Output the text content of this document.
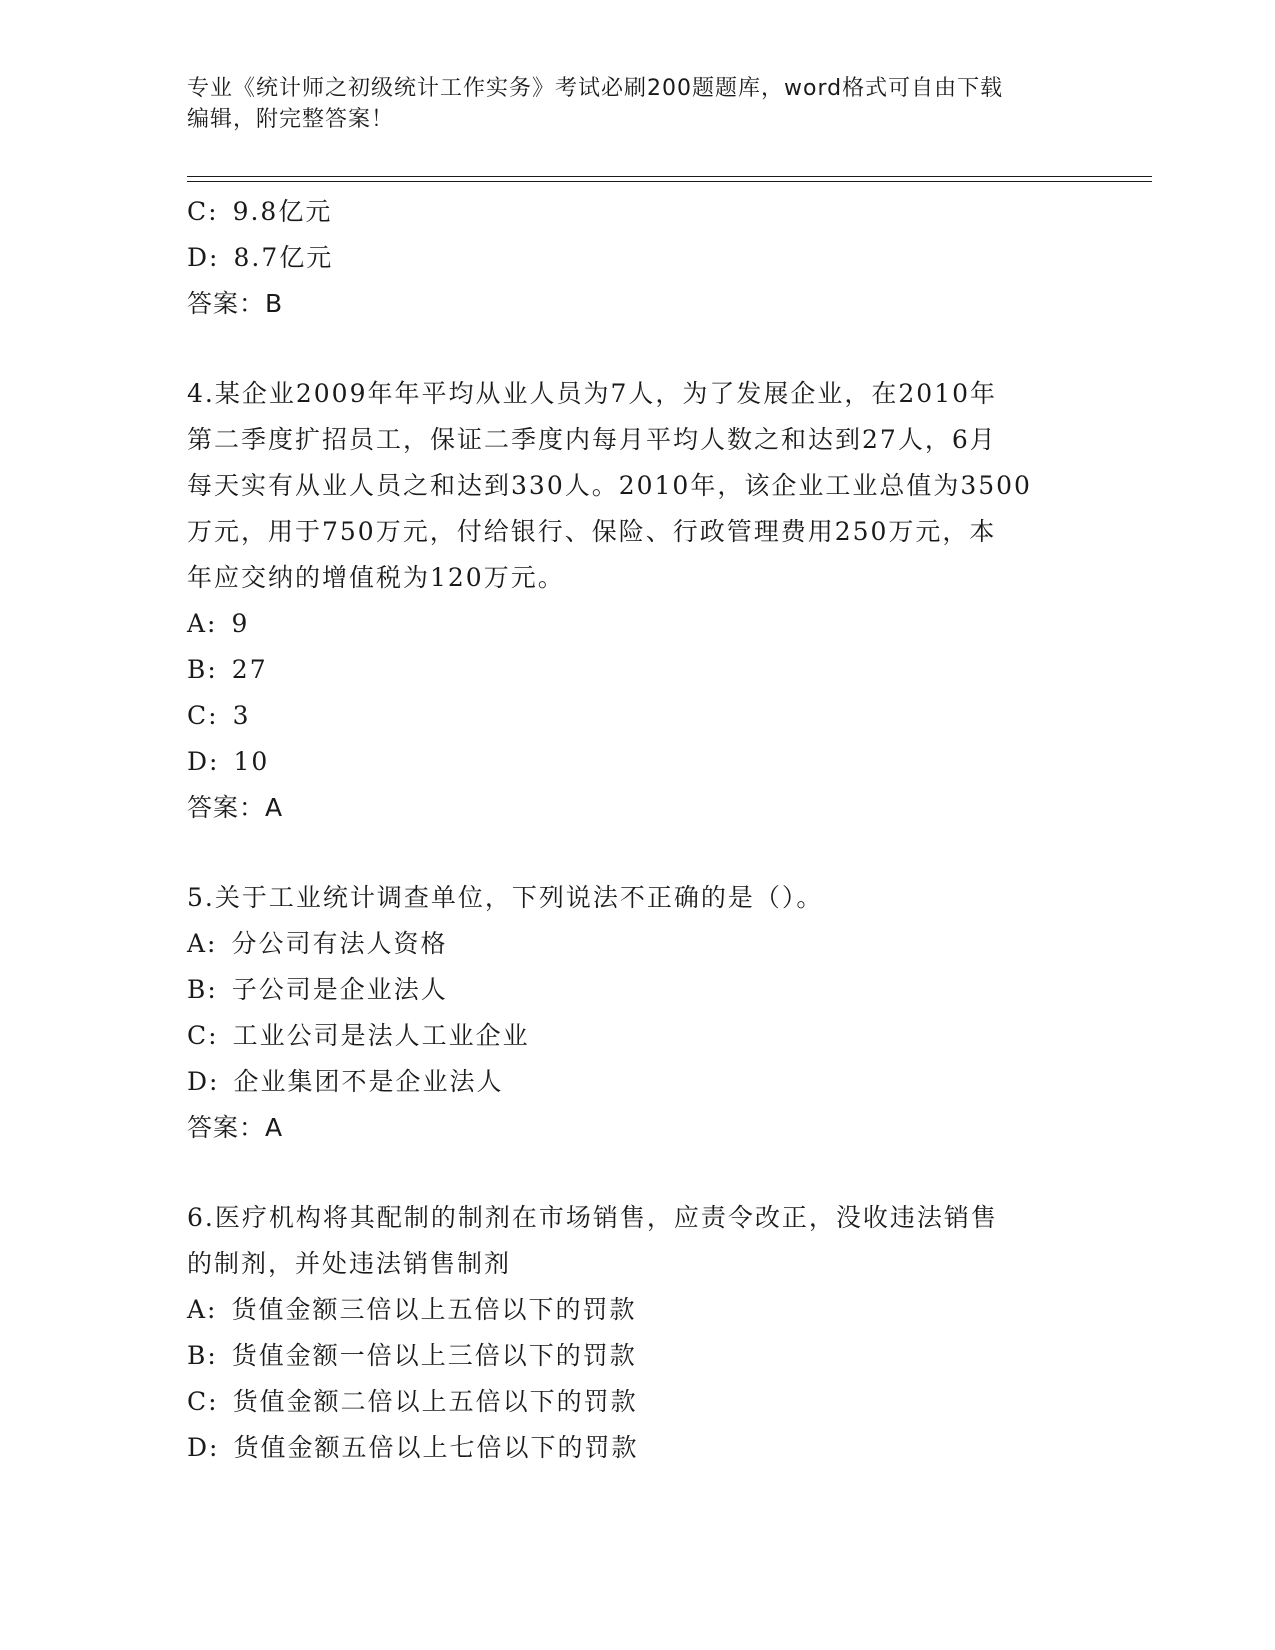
专业《统计师之初级统计工作实务》考试必刷200题题库，word格式可自由下载
编辑，附完整答案！
C: 9.8亿元
D: 8.7亿元
答案：B
4.某企业2009年年平均从业人员为7人，为了发展企业，在2010年
第二季度扩招员工，保证二季度内每月平均人数之和达到27人，6月
每天实有从业人员之和达到330人。2010年，该企业工业总值为3500
万元，用于750万元，付给银行、保险、行政管理费用250万元，本
年应交纳的增值税为120万元。
A: 9
B: 27
C: 3
D: 10
答案：A
5.关于工业统计调查单位，下列说法不正确的是（）。
A: 分公司有法人资格
B: 子公司是企业法人
C: 工业公司是法人工业企业
D: 企业集团不是企业法人
答案：A
6.医疗机构将其配制的制剂在市场销售，应责令改正，没收违法销售
的制剂，并处违法销售制剂
A: 货值金额三倍以上五倍以下的罚款
B: 货值金额一倍以上三倍以下的罚款
C: 货值金额二倍以上五倍以下的罚款
D: 货值金额五倍以上七倍以下的罚款
